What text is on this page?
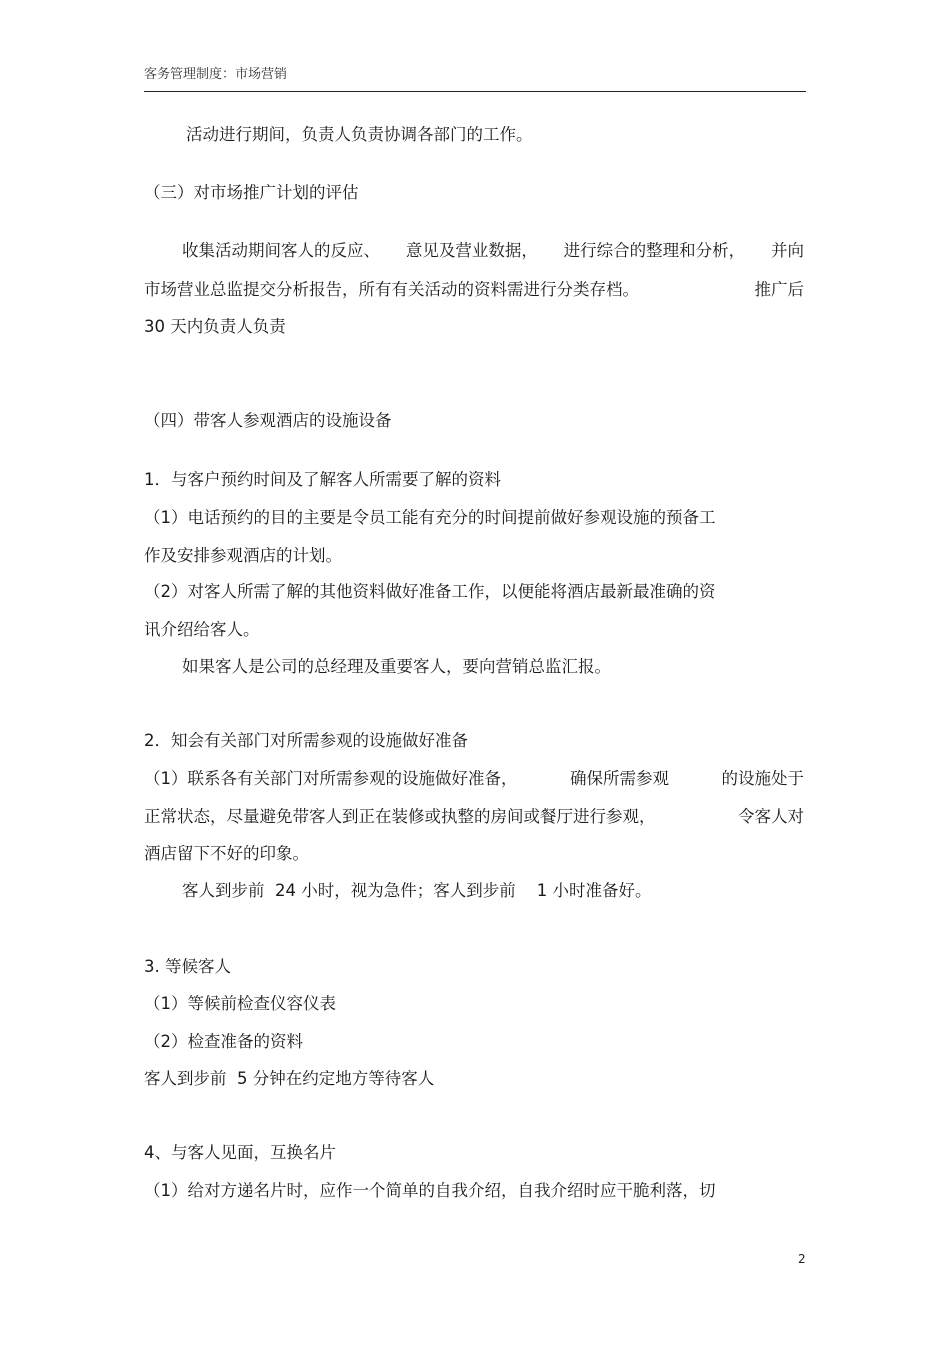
客务管理制度：市场营销
活动进行期间，负责人负责协调各部门的工作。
（三）对市场推广计划的评估
收集活动期间客人的反应、 意见及营业数据， 进行综合的整理和分析， 并向
市场营业总监提交分析报告，所有有关活动的资料需进行分类存档。	推广后
30 天内负责人负责
（四）带客人参观酒店的设施设备
1．与客户预约时间及了解客人所需要了解的资料
（1）电话预约的目的主要是令员工能有充分的时间提前做好参观设施的预备工
作及安排参观酒店的计划。
（2）对客人所需了解的其他资料做好准备工作，以便能将酒店最新最准确的资
讯介绍给客人。
如果客人是公司的总经理及重要客人，要向营销总监汇报。
2．知会有关部门对所需参观的设施做好准备
（1）联系各有关部门对所需参观的设施做好准备，	确保所需参观	的设施处于
正常状态，尽量避免带客人到正在装修或执整的房间或餐厅进行参观，	令客人对
酒店留下不好的印象。
客人到步前  24 小时，视为急件；客人到步前    1 小时准备好。
3. 等候客人
（1）等候前检查仪容仪表
（2）检查准备的资料
客人到步前  5 分钟在约定地方等待客人
4、与客人见面，互换名片
（1）给对方递名片时，应作一个简单的自我介绍，自我介绍时应干脆利落，切
2
